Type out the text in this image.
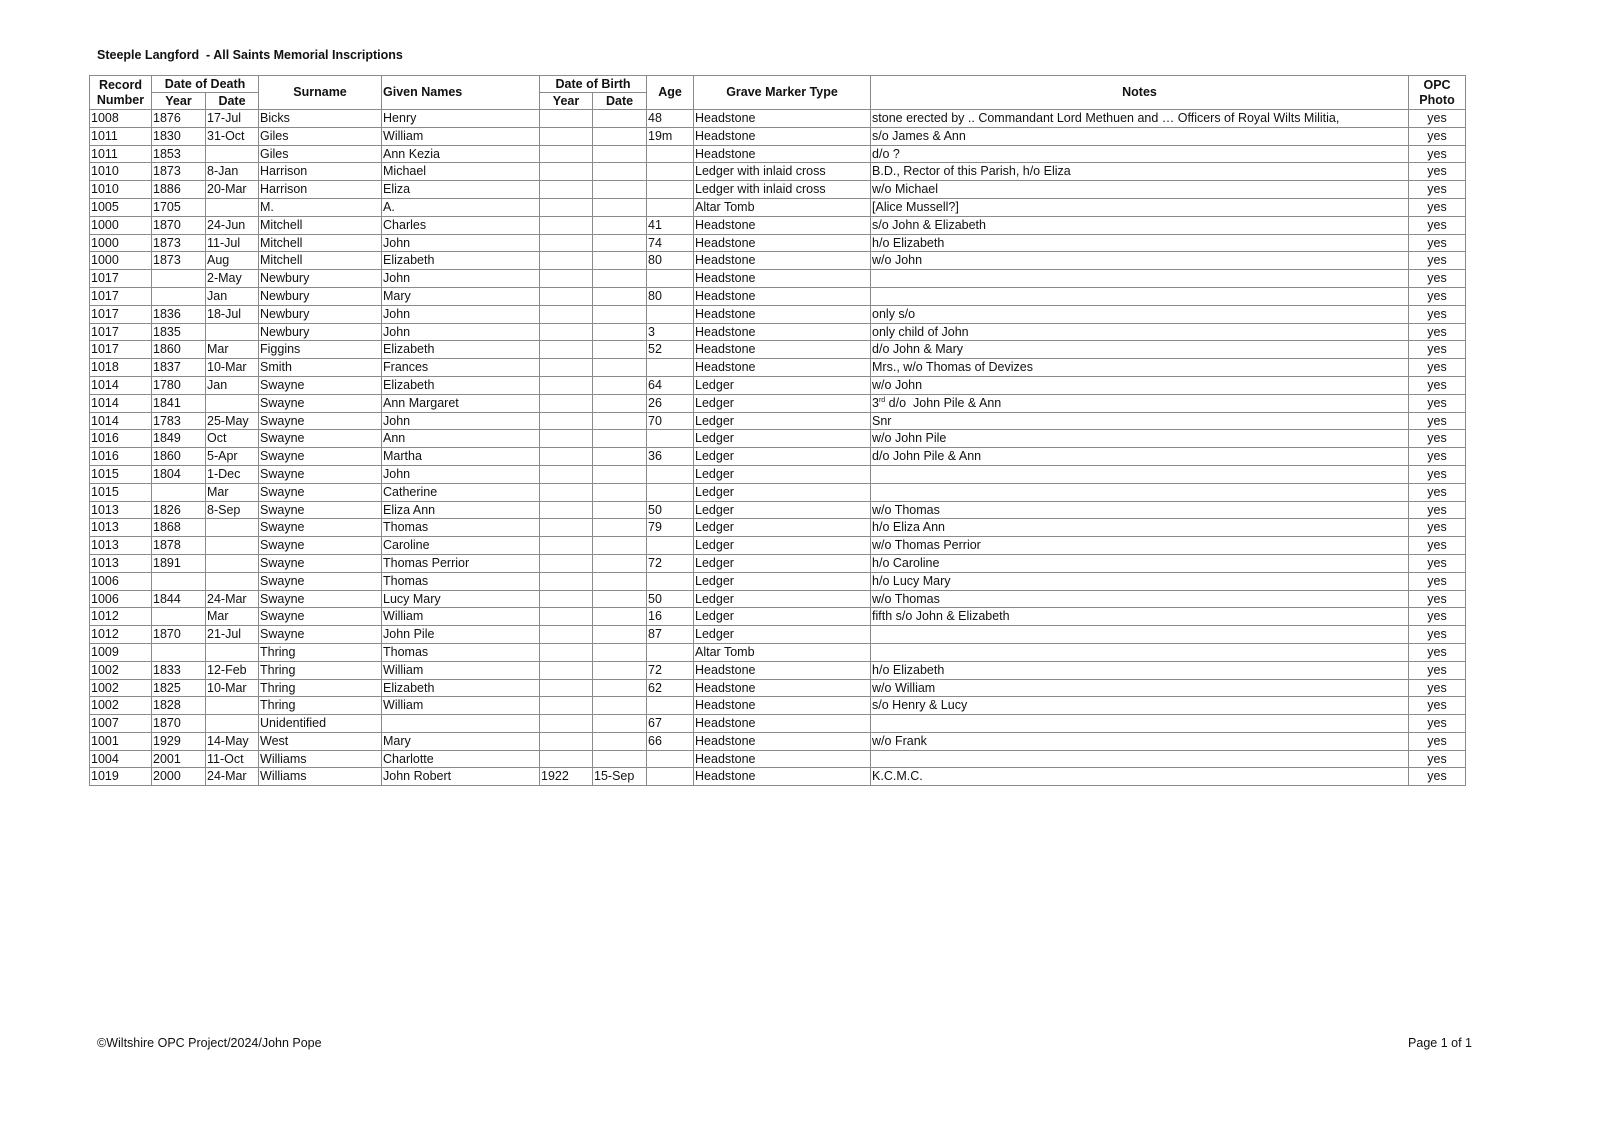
Steeple Langford  - All Saints Memorial Inscriptions
Record Number	Date of Death		Surname	Given Names	Date of Birth		Age	Grave Marker Type	Notes	OPC Photo
	Year	Date			Year	Date				
1008	1876	17-Jul	Bicks	Henry			48	Headstone	stone erected by .. Commandant Lord Methuen and … Officers of Royal Wilts Militia,	yes
1011	1830	31-Oct	Giles	William			19m	Headstone	s/o James & Ann	yes
1011	1853		Giles	Ann Kezia				Headstone	d/o ?	yes
1010	1873	8-Jan	Harrison	Michael				Ledger with inlaid cross	B.D., Rector of this Parish, h/o Eliza	yes
1010	1886	20-Mar	Harrison	Eliza				Ledger with inlaid cross	w/o Michael	yes
1005	1705		M.	A.				Altar Tomb	[Alice Mussell?]	yes
1000	1870	24-Jun	Mitchell	Charles			41	Headstone	s/o John & Elizabeth	yes
1000	1873	11-Jul	Mitchell	John			74	Headstone	h/o Elizabeth	yes
1000	1873	Aug	Mitchell	Elizabeth			80	Headstone	w/o John	yes
1017		2-May	Newbury	John				Headstone		yes
1017		Jan	Newbury	Mary			80	Headstone		yes
1017	1836	18-Jul	Newbury	John				Headstone	only s/o	yes
1017	1835		Newbury	John			3	Headstone	only child of John	yes
1017	1860	Mar	Figgins	Elizabeth			52	Headstone	d/o John & Mary	yes
1018	1837	10-Mar	Smith	Frances				Headstone	Mrs., w/o Thomas of Devizes	yes
1014	1780	Jan	Swayne	Elizabeth			64	Ledger	w/o John	yes
1014	1841		Swayne	Ann Margaret			26	Ledger	3rd d/o  John Pile & Ann	yes
1014	1783	25-May	Swayne	John			70	Ledger	Snr	yes
1016	1849	Oct	Swayne	Ann				Ledger	w/o John Pile	yes
1016	1860	5-Apr	Swayne	Martha			36	Ledger	d/o John Pile & Ann	yes
1015	1804	1-Dec	Swayne	John				Ledger		yes
1015		Mar	Swayne	Catherine				Ledger		yes
1013	1826	8-Sep	Swayne	Eliza Ann			50	Ledger	w/o Thomas	yes
1013	1868		Swayne	Thomas			79	Ledger	h/o Eliza Ann	yes
1013	1878		Swayne	Caroline				Ledger	w/o Thomas Perrior	yes
1013	1891		Swayne	Thomas Perrior			72	Ledger	h/o Caroline	yes
1006			Swayne	Thomas				Ledger	h/o Lucy Mary	yes
1006	1844	24-Mar	Swayne	Lucy Mary			50	Ledger	w/o Thomas	yes
1012		Mar	Swayne	William			16	Ledger	fifth s/o John & Elizabeth	yes
1012	1870	21-Jul	Swayne	John Pile			87	Ledger		yes
1009			Thring	Thomas				Altar Tomb		yes
1002	1833	12-Feb	Thring	William			72	Headstone	h/o Elizabeth	yes
1002	1825	10-Mar	Thring	Elizabeth			62	Headstone	w/o William	yes
1002	1828		Thring	William				Headstone	s/o Henry & Lucy	yes
1007	1870		Unidentified				67	Headstone		yes
1001	1929	14-May	West	Mary			66	Headstone	w/o Frank	yes
1004	2001	11-Oct	Williams	Charlotte				Headstone		yes
1019	2000	24-Mar	Williams	John Robert	1922	15-Sep		Headstone	K.C.M.C.	yes
©Wiltshire OPC Project/2024/John Pope	Page 1 of 1
